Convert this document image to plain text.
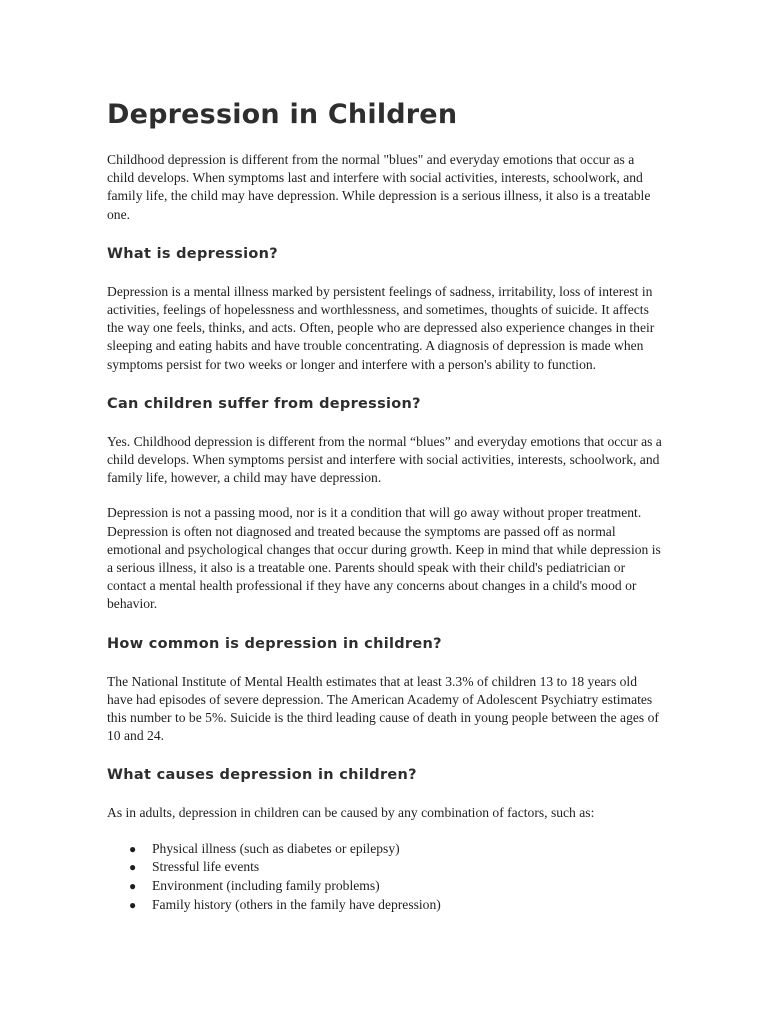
Depression in Children

Childhood depression is different from the normal "blues" and everyday emotions that occur as a child develops. When symptoms last and interfere with social activities, interests, schoolwork, and family life, the child may have depression. While depression is a serious illness, it also is a treatable one.

What is depression?

Depression is a mental illness marked by persistent feelings of sadness, irritability, loss of interest in activities, feelings of hopelessness and worthlessness, and sometimes, thoughts of suicide. It affects the way one feels, thinks, and acts. Often, people who are depressed also experience changes in their sleeping and eating habits and have trouble concentrating. A diagnosis of depression is made when symptoms persist for two weeks or longer and interfere with a person's ability to function.

Can children suffer from depression?

Yes. Childhood depression is different from the normal “blues” and everyday emotions that occur as a child develops. When symptoms persist and interfere with social activities, interests, schoolwork, and family life, however, a child may have depression.

Depression is not a passing mood, nor is it a condition that will go away without proper treatment. Depression is often not diagnosed and treated because the symptoms are passed off as normal emotional and psychological changes that occur during growth. Keep in mind that while depression is a serious illness, it also is a treatable one. Parents should speak with their child's pediatrician or contact a mental health professional if they have any concerns about changes in a child's mood or behavior.

How common is depression in children?

The National Institute of Mental Health estimates that at least 3.3% of children 13 to 18 years old have had episodes of severe depression. The American Academy of Adolescent Psychiatry estimates this number to be 5%. Suicide is the third leading cause of death in young people between the ages of 10 and 24.

What causes depression in children?

As in adults, depression in children can be caused by any combination of factors, such as:

● Physical illness (such as diabetes or epilepsy)
● Stressful life events
● Environment (including family problems)
● Family history (others in the family have depression)
